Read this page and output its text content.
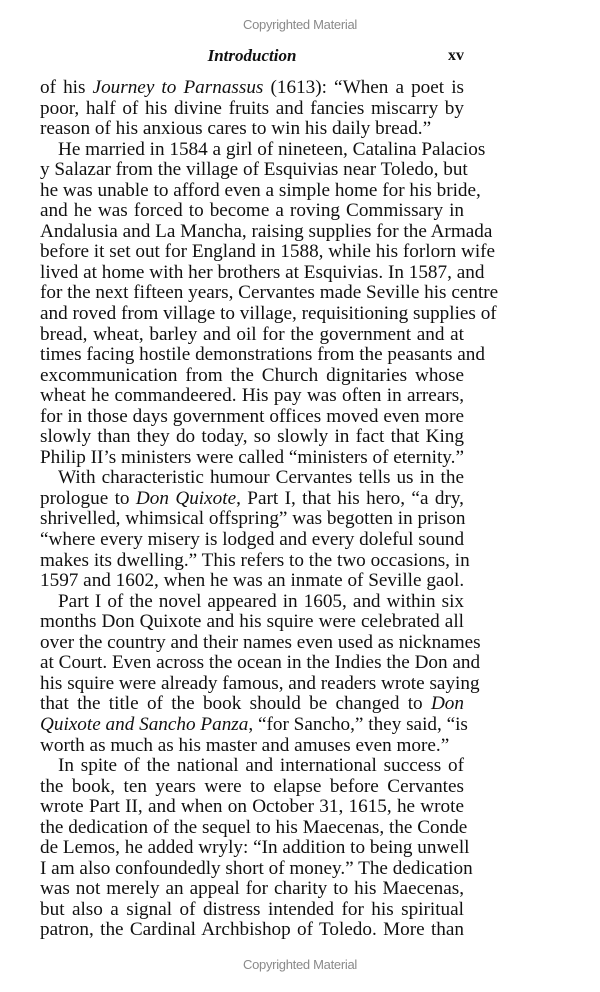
Copyrighted Material
Introduction	xv
of his Journey to Parnassus (1613): “When a poet is
poor, half of his divine fruits and fancies miscarry by
reason of his anxious cares to win his daily bread.”
He married in 1584 a girl of nineteen, Catalina Palacios
y Salazar from the village of Esquivias near Toledo, but
he was unable to afford even a simple home for his bride,
and he was forced to become a roving Commissary in
Andalusia and La Mancha, raising supplies for the Armada
before it set out for England in 1588, while his forlorn wife
lived at home with her brothers at Esquivias. In 1587, and
for the next fifteen years, Cervantes made Seville his centre
and roved from village to village, requisitioning supplies of
bread, wheat, barley and oil for the government and at
times facing hostile demonstrations from the peasants and
excommunication from the Church dignitaries whose
wheat he commandeered. His pay was often in arrears,
for in those days government offices moved even more
slowly than they do today, so slowly in fact that King
Philip II’s ministers were called “ministers of eternity.”
With characteristic humour Cervantes tells us in the
prologue to Don Quixote, Part I, that his hero, “a dry,
shrivelled, whimsical offspring” was begotten in prison
“where every misery is lodged and every doleful sound
makes its dwelling.” This refers to the two occasions, in
1597 and 1602, when he was an inmate of Seville gaol.
Part I of the novel appeared in 1605, and within six
months Don Quixote and his squire were celebrated all
over the country and their names even used as nicknames
at Court. Even across the ocean in the Indies the Don and
his squire were already famous, and readers wrote saying
that the title of the book should be changed to Don
Quixote and Sancho Panza, “for Sancho,” they said, “is
worth as much as his master and amuses even more.”
In spite of the national and international success of
the book, ten years were to elapse before Cervantes
wrote Part II, and when on October 31, 1615, he wrote
the dedication of the sequel to his Maecenas, the Conde
de Lemos, he added wryly: “In addition to being unwell
I am also confoundedly short of money.” The dedication
was not merely an appeal for charity to his Maecenas,
but also a signal of distress intended for his spiritual
patron, the Cardinal Archbishop of Toledo. More than
Copyrighted Material
